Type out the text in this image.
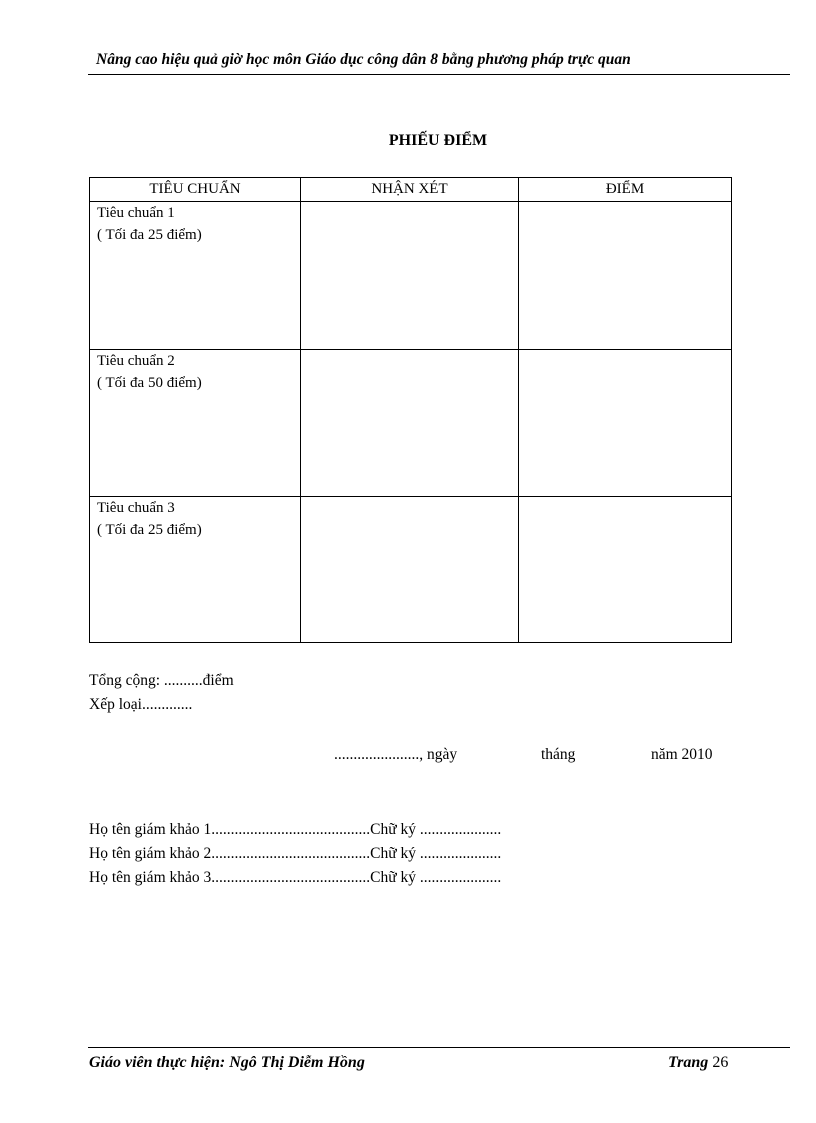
Nâng cao hiệu quả giờ học môn Giáo dục công dân 8 bằng phương pháp trực quan
PHIẾU ĐIỂM
TIÊU CHUẨN	NHẬN XÉT	ĐIỂM

Tiêu chuẩn 1
( Tối đa 25 điểm)		

Tiêu chuẩn 2
( Tối đa 50 điểm)		

Tiêu chuẩn 3
( Tối đa 25 điểm)		

Tổng cộng: ..........điểm
Xếp loại.............
......................, ngày	tháng	năm 2010
Họ tên giám khảo 1.........................................Chữ ký .....................
Họ tên giám khảo 2.........................................Chữ ký .....................
Họ tên giám khảo 3.........................................Chữ ký .....................
Giáo viên thực hiện: Ngô Thị Diễm Hồng	Trang 26
